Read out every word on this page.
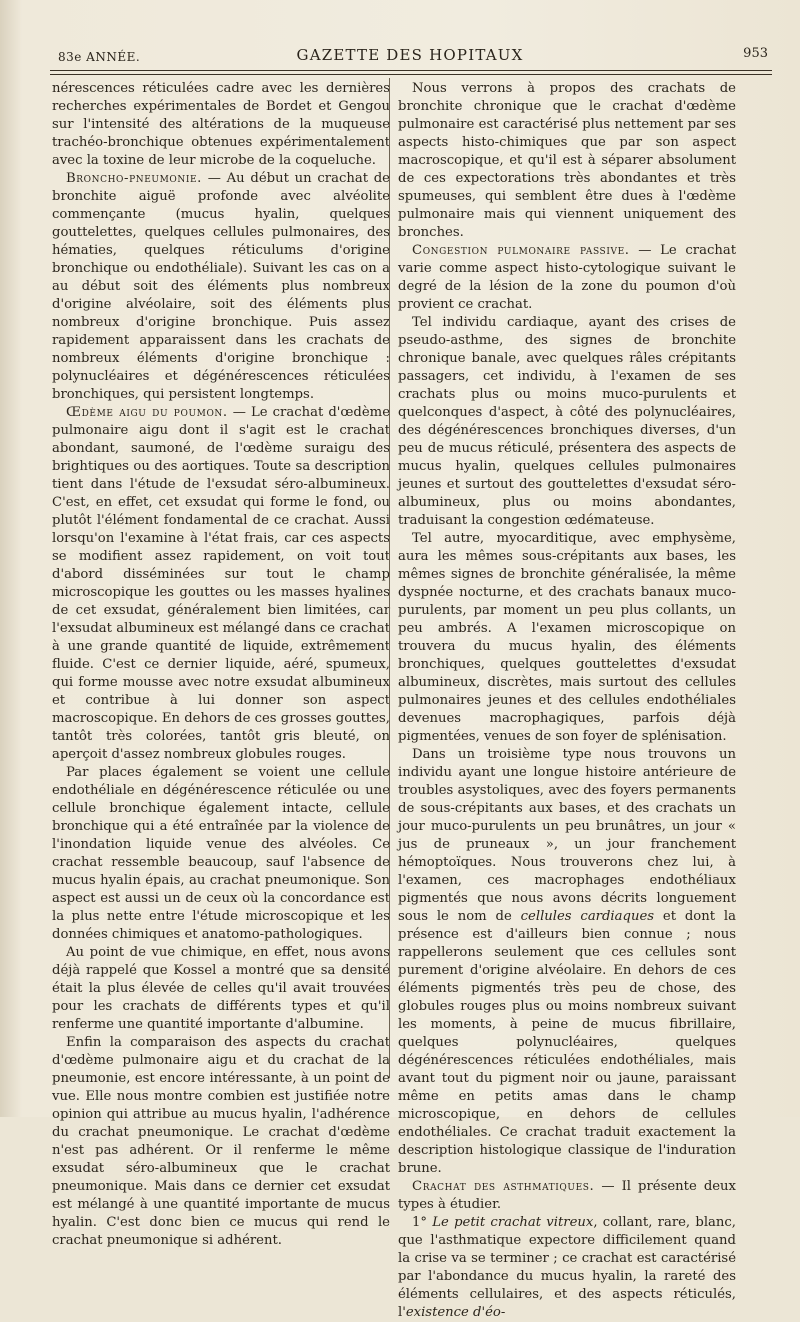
83e ANNÉE.	GAZETTE DES HOPITAUX	953

nérescences réticulées cadre avec les dernières recherches expérimentales de Bordet et Gengou sur l'intensité des altérations de la muqueuse trachéo-bronchique obtenues expérimentalement avec la toxine de leur microbe de la coqueluche.

Broncho-pneumonie. — Au début un crachat de bronchite aiguë profonde avec alvéolite commençante (mucus hyalin, quelques gouttelettes, quelques cellules pulmonaires, des hématies, quelques réticulums d'origine bronchique ou endothéliale). Suivant les cas on a au début soit des éléments plus nombreux d'origine alvéolaire, soit des éléments plus nombreux d'origine bronchique. Puis assez rapidement apparaissent dans les crachats de nombreux éléments d'origine bronchique : polynucléaires et dégénérescences réticulées bronchiques, qui persistent longtemps.

Œdème aigu du poumon. — Le crachat d'œdème pulmonaire aigu dont il s'agit est le crachat abondant, saumoné, de l'œdème suraigu des brightiques ou des aortiques. Toute sa description tient dans l'étude de l'exsudat séro-albumineux. C'est, en effet, cet exsudat qui forme le fond, ou plutôt l'élément fondamental de ce crachat. Aussi lorsqu'on l'examine à l'état frais, car ces aspects se modifient assez rapidement, on voit tout d'abord disséminées sur tout le champ microscopique les gouttes ou les masses hyalines de cet exsudat, généralement bien limitées, car l'exsudat albumineux est mélangé dans ce crachat à une grande quantité de liquide, extrêmement fluide. C'est ce dernier liquide, aéré, spumeux, qui forme mousse avec notre exsudat albumineux et contribue à lui donner son aspect macroscopique. En dehors de ces grosses gouttes, tantôt très colorées, tantôt gris bleuté, on aperçoit d'assez nombreux globules rouges.

Par places également se voient une cellule endothéliale en dégénérescence réticulée ou une cellule bronchique également intacte, cellule bronchique qui a été entraînée par la violence de l'inondation liquide venue des alvéoles. Ce crachat ressemble beaucoup, sauf l'absence de mucus hyalin épais, au crachat pneumonique. Son aspect est aussi un de ceux où la concordance est la plus nette entre l'étude microscopique et les données chimiques et anatomo-pathologiques.

Au point de vue chimique, en effet, nous avons déjà rappelé que Kossel a montré que sa densité était la plus élevée de celles qu'il avait trouvées pour les crachats de différents types et qu'il renferme une quantité importante d'albumine.

Enfin la comparaison des aspects du crachat d'œdème pulmonaire aigu et du crachat de la pneumonie, est encore intéressante, à un point de vue. Elle nous montre combien est justifiée notre opinion qui attribue au mucus hyalin, l'adhérence du crachat pneumonique. Le crachat d'œdème n'est pas adhérent. Or il renferme le même exsudat séro-albumineux que le crachat pneumonique. Mais dans ce dernier cet exsudat est mélangé à une quantité importante de mucus hyalin. C'est donc bien ce mucus qui rend le crachat pneumonique si adhérent.

Nous verrons à propos des crachats de bronchite chronique que le crachat d'œdème pulmonaire est caractérisé plus nettement par ses aspects histo-chimiques que par son aspect macroscopique, et qu'il est à séparer absolument de ces expectorations très abondantes et très spumeuses, qui semblent être dues à l'œdème pulmonaire mais qui viennent uniquement des bronches.

Congestion pulmonaire passive. — Le crachat varie comme aspect histo-cytologique suivant le degré de la lésion de la zone du poumon d'où provient ce crachat.

Tel individu cardiaque, ayant des crises de pseudo-asthme, des signes de bronchite chronique banale, avec quelques râles crépitants passagers, cet individu, à l'examen de ses crachats plus ou moins muco-purulents et quelconques d'aspect, à côté des polynucléaires, des dégénérescences bronchiques diverses, d'un peu de mucus réticulé, présentera des aspects de mucus hyalin, quelques cellules pulmonaires jeunes et surtout des gouttelettes d'exsudat séro-albumineux, plus ou moins abondantes, traduisant la congestion œdémateuse.

Tel autre, myocarditique, avec emphysème, aura les mêmes sous-crépitants aux bases, les mêmes signes de bronchite généralisée, la même dyspnée nocturne, et des crachats banaux muco-purulents, par moment un peu plus collants, un peu ambrés. A l'examen microscopique on trouvera du mucus hyalin, des éléments bronchiques, quelques gouttelettes d'exsudat albumineux, discrètes, mais surtout des cellules pulmonaires jeunes et des cellules endothéliales devenues macrophagiques, parfois déjà pigmentées, venues de son foyer de splénisation.

Dans un troisième type nous trouvons un individu ayant une longue histoire antérieure de troubles asystoliques, avec des foyers permanents de sous-crépitants aux bases, et des crachats un jour muco-purulents un peu brunâtres, un jour « jus de pruneaux », un jour franchement hémoptoïques. Nous trouverons chez lui, à l'examen, ces macrophages endothéliaux pigmentés que nous avons décrits longuement sous le nom de cellules cardiaques et dont la présence est d'ailleurs bien connue ; nous rappellerons seulement que ces cellules sont purement d'origine alvéolaire. En dehors de ces éléments pigmentés très peu de chose, des globules rouges plus ou moins nombreux suivant les moments, à peine de mucus fibrillaire, quelques polynucléaires, quelques dégénérescences réticulées endothéliales, mais avant tout du pigment noir ou jaune, paraissant même en petits amas dans le champ microscopique, en dehors de cellules endothéliales. Ce crachat traduit exactement la description histologique classique de l'induration brune.

Crachat des asthmatiques. — Il présente deux types à étudier.

1° Le petit crachat vitreux, collant, rare, blanc, que l'asthmatique expectore difficilement quand la crise va se terminer ; ce crachat est caractérisé par l'abondance du mucus hyalin, la rareté des éléments cellulaires, et des aspects réticulés, l'existence d'éo-
